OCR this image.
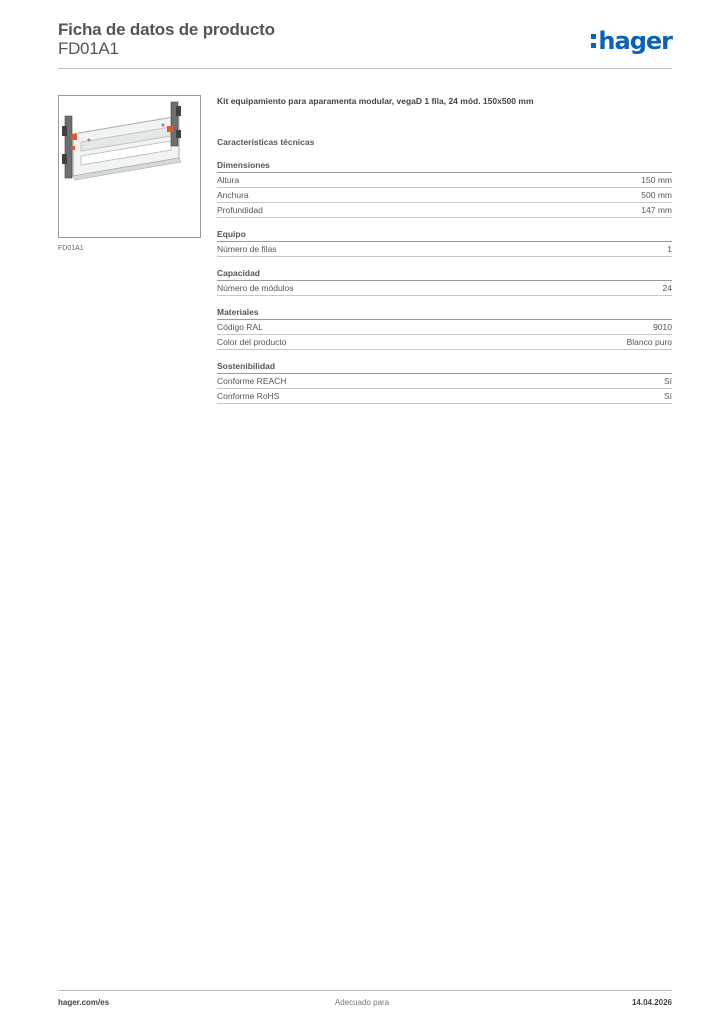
Ficha de datos de producto
FD01A1	hager
FD01A1
Kit equipamiento para aparamenta modular, vegaD 1 fila, 24 mód. 150x500 mm
Características técnicas
Dimensiones
Altura	150 mm
Anchura	500 mm
Profundidad	147 mm
Equipo
Número de filas	1
Capacidad
Número de módulos	24
Materiales
Código RAL	9010
Color del producto	Blanco puro
Sostenibilidad
Conforme REACH	Sí
Conforme RoHS	Sí
hager.com/es	Adecuado para	14.04.2026
